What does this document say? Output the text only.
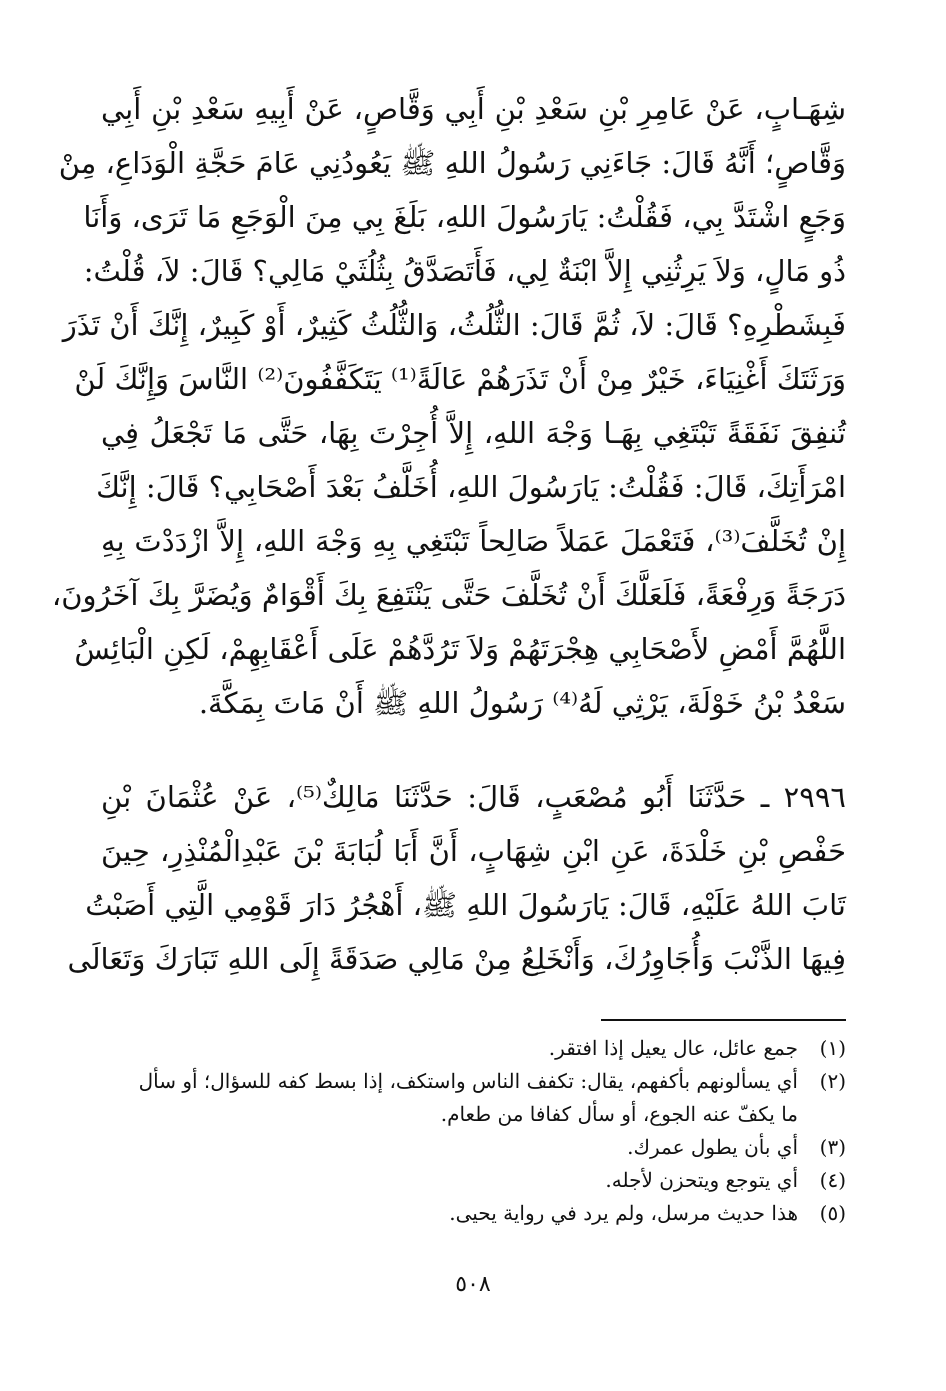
شِهَـابٍ، عَنْ عَامِرِ بْنِ سَعْدِ بْنِ أَبِي وَقَّاصٍ، عَنْ أَبِيهِ سَعْدِ بْنِ أَبِي
وَقَّاصٍ؛ أَنَّهُ قَالَ: جَاءَنِي رَسُولُ اللهِ ﷺ يَعُودُنِي عَامَ حَجَّةِ الْوَدَاعِ، مِنْ
وَجَعٍ اشْتَدَّ بِي، فَقُلْتُ: يَارَسُولَ اللهِ، بَلَغَ بِي مِنَ الْوَجَعِ مَا تَرَى، وَأَنَا
ذُو مَالٍ، وَلاَ يَرِثُنِي إِلاَّ ابْنَةٌ لِي، فَأَتَصَدَّقُ بِثُلُثَيْ مَالِي؟ قَالَ: لاَ، قُلْتُ:
فَبِشَطْرِهِ؟ قَالَ: لاَ، ثُمَّ قَالَ: الثُّلُثُ، وَالثُّلُثُ كَثِيرٌ، أَوْ كَبِيرٌ، إِنَّكَ أَنْ تَذَرَ
وَرَثَتَكَ أَغْنِيَاءَ، خَيْرٌ مِنْ أَنْ تَذَرَهُمْ عَالَةً⁽¹⁾ يَتَكَفَّفُونَ⁽²⁾ النَّاسَ وَإِنَّكَ لَنْ
تُنفِقَ نَفَقَةً تَبْتَغِي بِهَـا وَجْهَ اللهِ، إِلاَّ أُجِرْتَ بِهَا، حَتَّى مَا تَجْعَلُ فِي
امْرَأَتِكَ، قَالَ: فَقُلْتُ: يَارَسُولَ اللهِ، أُخَلَّفُ بَعْدَ أَصْحَابِي؟ قَالَ: إِنَّكَ
إِنْ تُخَلَّفَ⁽³⁾، فَتَعْمَلَ عَمَلاً صَالِحاً تَبْتَغِي بِهِ وَجْهَ اللهِ، إِلاَّ ازْدَدْتَ بِهِ
دَرَجَةً وَرِفْعَةً، فَلَعَلَّكَ أَنْ تُخَلَّفَ حَتَّى يَنْتَفِعَ بِكَ أَقْوَامٌ وَيُضَرَّ بِكَ آخَرُونَ،
اللَّهُمَّ أَمْضِ لأَصْحَابِي هِجْرَتَهُمْ وَلاَ تَرُدَّهُمْ عَلَى أَعْقَابِهِمْ، لَكِنِ الْبَائِسُ
سَعْدُ بْنُ خَوْلَةَ، يَرْثِي لَهُ⁽⁴⁾ رَسُولُ اللهِ ﷺ أَنْ مَاتَ بِمَكَّةَ.
٢٩٩٦ ـ حَدَّثَنَا أَبُو مُصْعَبٍ، قَالَ: حَدَّثَنَا مَالِكٌ⁽⁵⁾، عَنْ عُثْمَانَ بْنِ
حَفْصِ بْنِ خَلْدَةَ، عَنِ ابْنِ شِهَابٍ، أَنَّ أَبَا لُبَابَةَ بْنَ عَبْدِالْمُنْذِرِ، حِينَ
تَابَ اللهُ عَلَيْهِ، قَالَ: يَارَسُولَ اللهِ ﷺ، أَهْجُرُ دَارَ قَوْمِي الَّتِي أَصَبْتُ
فِيهَا الذَّنْبَ وَأُجَاوِرُكَ، وَأَنْخَلِعُ مِنْ مَالِي صَدَقَةً إِلَى اللهِ تَبَارَكَ وَتَعَالَى
(١)
جمع عائل، عال يعيل إذا افتقر.
(٢)
أي يسألونهم بأكفهم، يقال: تكفف الناس واستكف، إذا بسط كفه للسؤال؛ أو سأل
ما يكفّ عنه الجوع، أو سأل كفافا من طعام.
(٣)
أي بأن يطول عمرك.
(٤)
أي يتوجع ويتحزن لأجله.
(٥)
هذا حديث مرسل، ولم يرد في رواية يحيى.
٥٠٨
